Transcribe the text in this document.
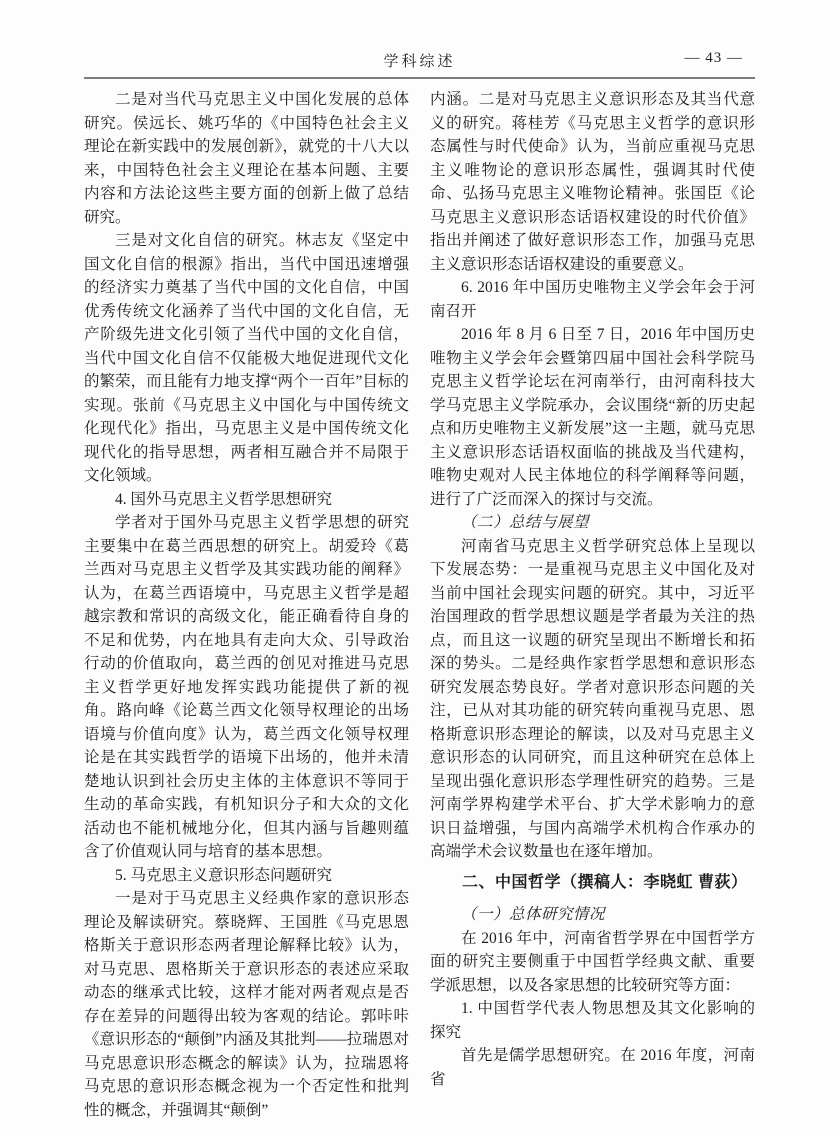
学科综述	— 43 —

二是对当代马克思主义中国化发展的总体研究。侯远长、姚巧华的《中国特色社会主义理论在新实践中的发展创新》，就党的十八大以来，中国特色社会主义理论在基本问题、主要内容和方法论这些主要方面的创新上做了总结研究。

三是对文化自信的研究。林志友《坚定中国文化自信的根源》指出，当代中国迅速增强的经济实力奠基了当代中国的文化自信，中国优秀传统文化涵养了当代中国的文化自信，无产阶级先进文化引领了当代中国的文化自信，当代中国文化自信不仅能极大地促进现代文化的繁荣，而且能有力地支撑“两个一百年”目标的实现。张前《马克思主义中国化与中国传统文化现代化》指出，马克思主义是中国传统文化现代化的指导思想，两者相互融合并不局限于文化领域。

4. 国外马克思主义哲学思想研究

学者对于国外马克思主义哲学思想的研究主要集中在葛兰西思想的研究上。胡爱玲《葛兰西对马克思主义哲学及其实践功能的阐释》认为，在葛兰西语境中，马克思主义哲学是超越宗教和常识的高级文化，能正确看待自身的不足和优势，内在地具有走向大众、引导政治行动的价值取向，葛兰西的创见对推进马克思主义哲学更好地发挥实践功能提供了新的视角。路向峰《论葛兰西文化领导权理论的出场语境与价值向度》认为，葛兰西文化领导权理论是在其实践哲学的语境下出场的，他并未清楚地认识到社会历史主体的主体意识不等同于生动的革命实践，有机知识分子和大众的文化活动也不能机械地分化，但其内涵与旨趣则蕴含了价值观认同与培育的基本思想。

5. 马克思主义意识形态问题研究

一是对于马克思主义经典作家的意识形态理论及解读研究。蔡晓辉、王国胜《马克思恩格斯关于意识形态两者理论解释比较》认为，对马克思、恩格斯关于意识形态的表述应采取动态的继承式比较，这样才能对两者观点是否存在差异的问题得出较为客观的结论。郭咔咔《意识形态的“颠倒”内涵及其批判——拉瑞恩对马克思意识形态概念的解读》认为，拉瑞恩将马克思的意识形态概念视为一个否定性和批判性的概念，并强调其“颠倒”

内涵。二是对马克思主义意识形态及其当代意义的研究。蒋桂芳《马克思主义哲学的意识形态属性与时代使命》认为，当前应重视马克思主义唯物论的意识形态属性，强调其时代使命、弘扬马克思主义唯物论精神。张国臣《论马克思主义意识形态话语权建设的时代价值》指出并阐述了做好意识形态工作，加强马克思主义意识形态话语权建设的重要意义。

6. 2016 年中国历史唯物主义学会年会于河南召开

2016 年 8 月 6 日至 7 日，2016 年中国历史唯物主义学会年会暨第四届中国社会科学院马克思主义哲学论坛在河南举行，由河南科技大学马克思主义学院承办，会议围绕“新的历史起点和历史唯物主义新发展”这一主题，就马克思主义意识形态话语权面临的挑战及当代建构，唯物史观对人民主体地位的科学阐释等问题，进行了广泛而深入的探讨与交流。

（二）总结与展望

河南省马克思主义哲学研究总体上呈现以下发展态势：一是重视马克思主义中国化及对当前中国社会现实问题的研究。其中，习近平治国理政的哲学思想议题是学者最为关注的热点，而且这一议题的研究呈现出不断增长和拓深的势头。二是经典作家哲学思想和意识形态研究发展态势良好。学者对意识形态问题的关注，已从对其功能的研究转向重视马克思、恩格斯意识形态理论的解读，以及对马克思主义意识形态的认同研究，而且这种研究在总体上呈现出强化意识形态学理性研究的趋势。三是河南学界构建学术平台、扩大学术影响力的意识日益增强，与国内高端学术机构合作承办的高端学术会议数量也在逐年增加。

二、中国哲学（撰稿人：李晓虹 曹荻）

（一）总体研究情况

在 2016 年中，河南省哲学界在中国哲学方面的研究主要侧重于中国哲学经典文献、重要学派思想，以及各家思想的比较研究等方面：

1. 中国哲学代表人物思想及其文化影响的探究

首先是儒学思想研究。在 2016 年度，河南省
